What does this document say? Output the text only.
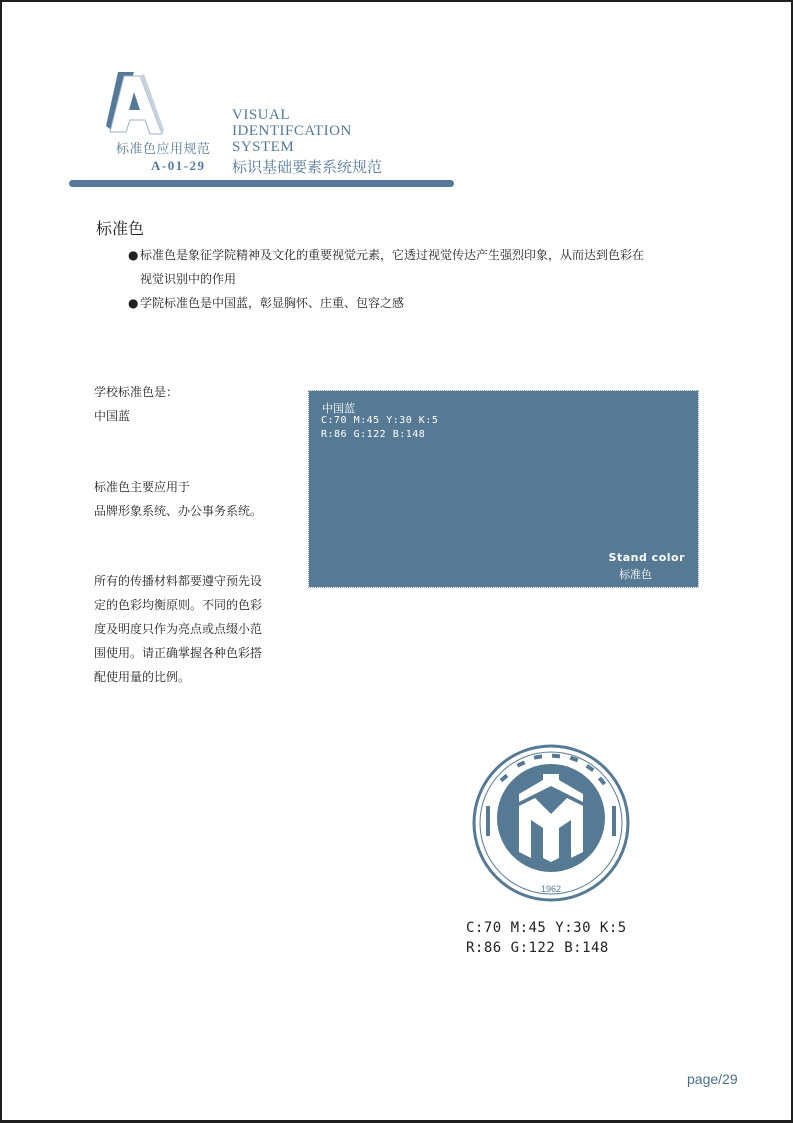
标准色应用规范
A-01-29
VISUAL
IDENTIFCATION
SYSTEM
标识基础要素系统规范
标准色
● 标准色是象征学院精神及文化的重要视觉元素，它透过视觉传达产生强烈印象，从而达到色彩在
视觉识别中的作用
● 学院标准色是中国蓝，彰显胸怀、庄重、包容之感
学校标准色是：
中国蓝
标准色主要应用于
品牌形象系统、办公事务系统。
所有的传播材料都要遵守预先设
定的色彩均衡原则。不同的色彩
度及明度只作为亮点或点缀小范
围使用。请正确掌握各种色彩搭
配使用量的比例。
中国蓝
C:70 M:45 Y:30 K:5
R:86 G:122 B:148
Stand color
标准色
1962
C:70 M:45 Y:30 K:5
R:86 G:122 B:148
page/29
